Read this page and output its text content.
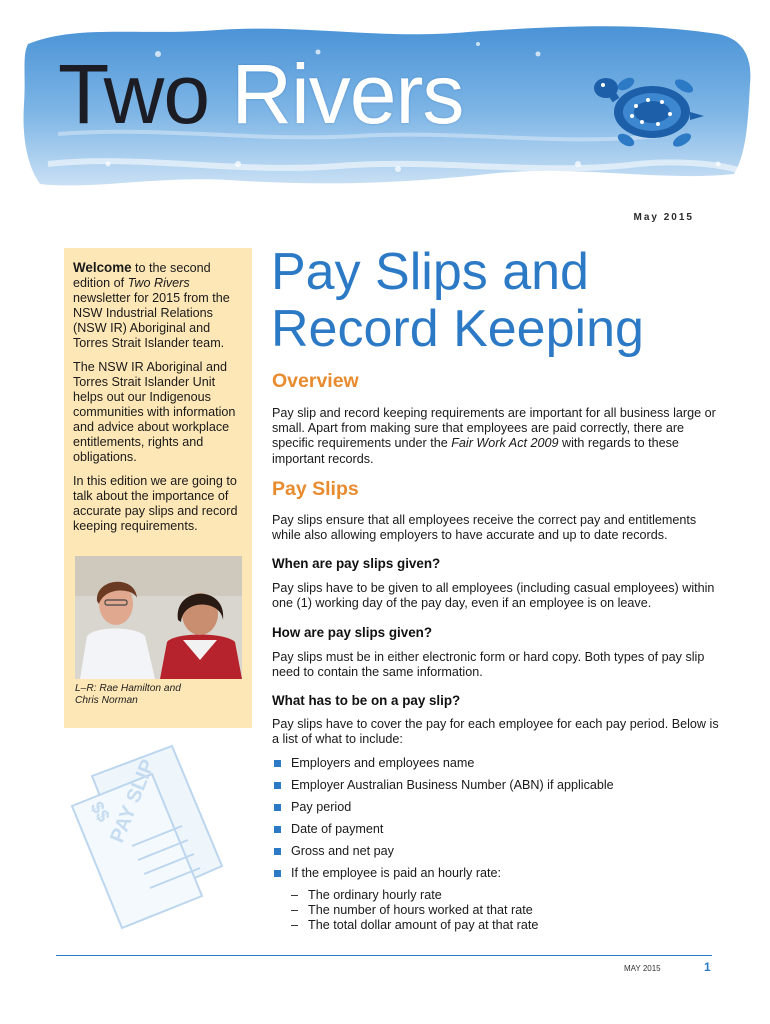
Two Rivers
May 2015

Welcome to the second edition of Two Rivers newsletter for 2015 from the NSW Industrial Relations (NSW IR) Aboriginal and Torres Strait Islander team.

The NSW IR Aboriginal and Torres Strait Islander Unit helps out our Indigenous communities with information and advice about workplace entitlements, rights and obligations.

In this edition we are going to talk about the importance of accurate pay slips and record keeping requirements.

L–R: Rae Hamilton and
Chris Norman
PAY SLIP
$$
Pay Slips and
Record Keeping
Overview
Pay slip and record keeping requirements are important for all business large or small. Apart from making sure that employees are paid correctly, there are specific requirements under the Fair Work Act 2009 with regards to these important records.
Pay Slips
Pay slips ensure that all employees receive the correct pay and entitlements while also allowing employers to have accurate and up to date records.
When are pay slips given?
Pay slips have to be given to all employees (including casual employees) within one (1) working day of the pay day, even if an employee is on leave.
How are pay slips given?
Pay slips must be in either electronic form or hard copy. Both types of pay slip need to contain the same information.
What has to be on a pay slip?
Pay slips have to cover the pay for each employee for each pay period. Below is a list of what to include:
Employers and employees name
Employer Australian Business Number (ABN) if applicable
Pay period
Date of payment
Gross and net pay
If the employee is paid an hourly rate:
– The ordinary hourly rate
– The number of hours worked at that rate
– The total dollar amount of pay at that rate
MAY 2015	1
